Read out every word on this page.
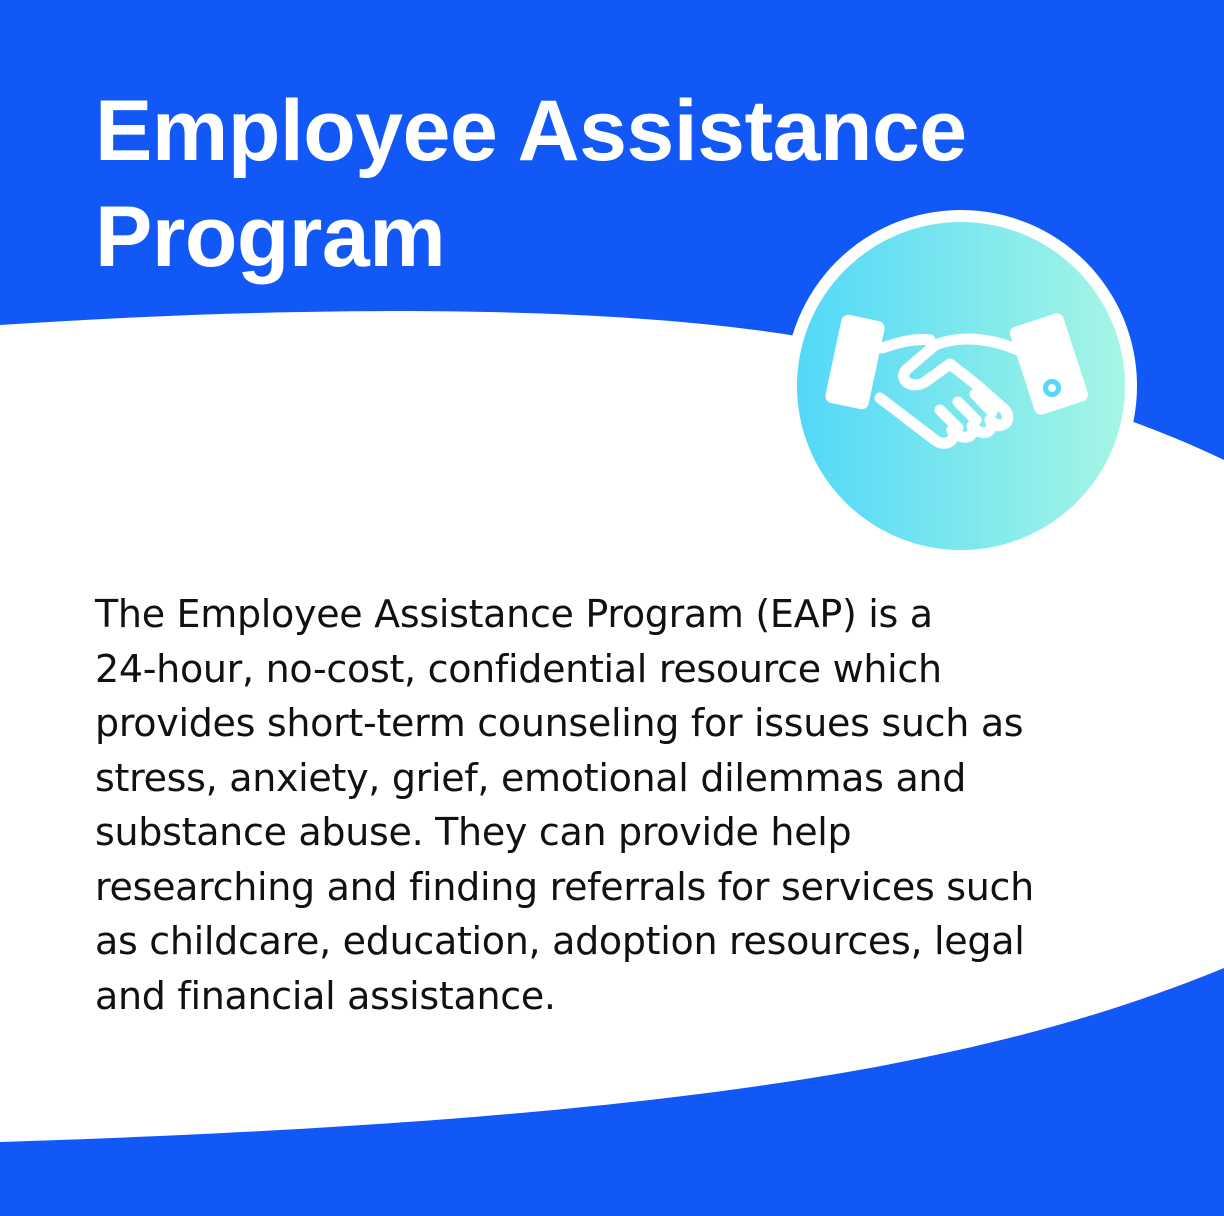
Employee Assistance
Program

The Employee Assistance Program (EAP) is a
24-hour, no-cost, confidential resource which
provides short-term counseling for issues such as
stress, anxiety, grief, emotional dilemmas and
substance abuse. They can provide help
researching and finding referrals for services such
as childcare, education, adoption resources, legal
and financial assistance.
